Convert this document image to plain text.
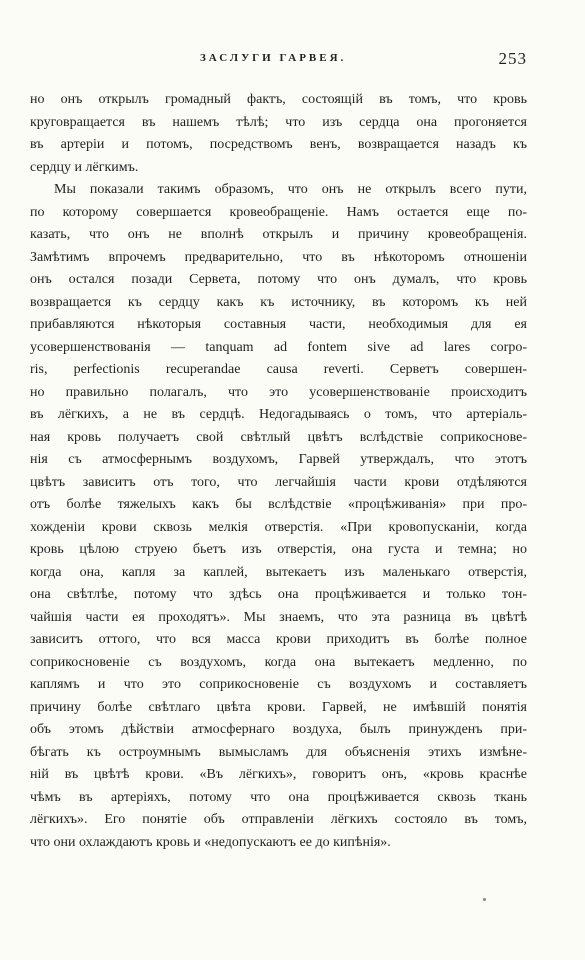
ЗАСЛУГИ ГАРВЕЯ.	253
но онъ открылъ громадный фактъ, состоящій въ томъ, что кровь
круговращается въ нашемъ тѣлѣ; что изъ сердца она прогоняется
въ артеріи и потомъ, посредствомъ венъ, возвращается назадъ къ
сердцу и лёгкимъ.
Мы показали такимъ образомъ, что онъ не открылъ всего пути,
по которому совершается кровеобращеніе. Намъ остается еще по-
казать, что онъ не вполнѣ открылъ и причину кровеобращенія.
Замѣтимъ впрочемъ предварительно, что въ нѣкоторомъ отношеніи
онъ остался позади Сервета, потому что онъ думалъ, что кровь
возвращается къ сердцу какъ къ источнику, въ которомъ къ ней
прибавляются нѣкоторыя составныя части, необходимыя для ея
усовершенствованія — tanquam ad fontem sive ad lares corpo-
ris, perfectionis recuperandae causa reverti. Серветъ совершен-
но правильно полагалъ, что это усовершенствованіе происходитъ
въ лёгкихъ, а не въ сердцѣ. Недогадываясь о томъ, что артеріаль-
ная кровь получаетъ свой свѣтлый цвѣтъ вслѣдствіе соприкоснове-
нія съ атмосфернымъ воздухомъ, Гарвей утверждалъ, что этотъ
цвѣтъ зависитъ отъ того, что легчайшія части крови отдѣляются
отъ болѣе тяжелыхъ какъ бы вслѣдствіе «процѣживанія» при про-
хожденіи крови сквозь мелкія отверстія. «При кровопусканіи, когда
кровь цѣлою струею бьетъ изъ отверстія, она густа и темна; но
когда она, капля за каплей, вытекаетъ изъ маленькаго отверстія,
она свѣтлѣе, потому что здѣсь она процѣживается и только тон-
чайшія части ея проходятъ». Мы знаемъ, что эта разница въ цвѣтѣ
зависитъ оттого, что вся масса крови приходитъ въ болѣе полное
соприкосновеніе съ воздухомъ, когда она вытекаетъ медленно, по
каплямъ и что это соприкосновеніе съ воздухомъ и составляетъ
причину болѣе свѣтлаго цвѣта крови. Гарвей, не имѣвшій понятія
объ этомъ дѣйствіи атмосфернаго воздуха, былъ принужденъ при-
бѣгать къ остроумнымъ вымысламъ для объясненія этихъ измѣне-
ній въ цвѣтѣ крови. «Въ лёгкихъ», говоритъ онъ, «кровь краснѣе
чѣмъ въ артеріяхъ, потому что она процѣживается сквозь ткань
лёгкихъ». Его понятіе объ отправленіи лёгкихъ состояло въ томъ,
что они охлаждаютъ кровь и «недопускаютъ ее до кипѣнія».
